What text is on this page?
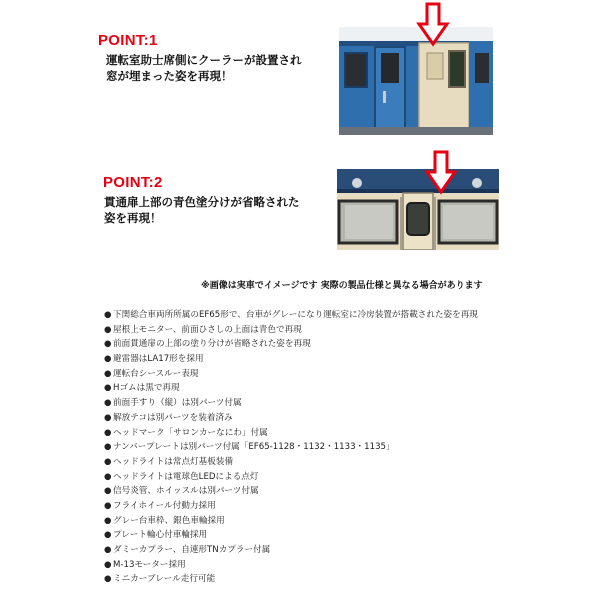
POINT:1
運転室助士席側にクーラーが設置され
窓が埋まった姿を再現！
POINT:2
貫通扉上部の青色塗分けが省略された
姿を再現！
※画像は実車でイメージです 実際の製品仕様と異なる場合があります
● 下関総合車両所所属のEF65形で、台車がグレーになり運転室に冷房装置が搭載された姿を再現
● 屋根上モニター、前面ひさしの上面は青色で再現
● 前面貫通扉の上部の塗り分けが省略された姿を再現
● 避雷器はLA17形を採用
● 運転台シースルー表現
● Hゴムは黒で再現
● 前面手すり（縦）は別パーツ付属
● 解放テコは別パーツを装着済み
● ヘッドマーク「サロンカーなにわ」付属
● ナンバープレートは別パーツ付属「EF65-1128・1132・1133・1135」
● ヘッドライトは常点灯基板装備
● ヘッドライトは電球色LEDによる点灯
● 信号炎管、ホイッスルは別パーツ付属
● フライホイール付動力採用
● グレー台車枠、銀色車輪採用
● プレート輪心付車輪採用
● ダミーカプラー、自連形TNカプラー付属
● M-13モーター採用
● ミニカーブレール走行可能
